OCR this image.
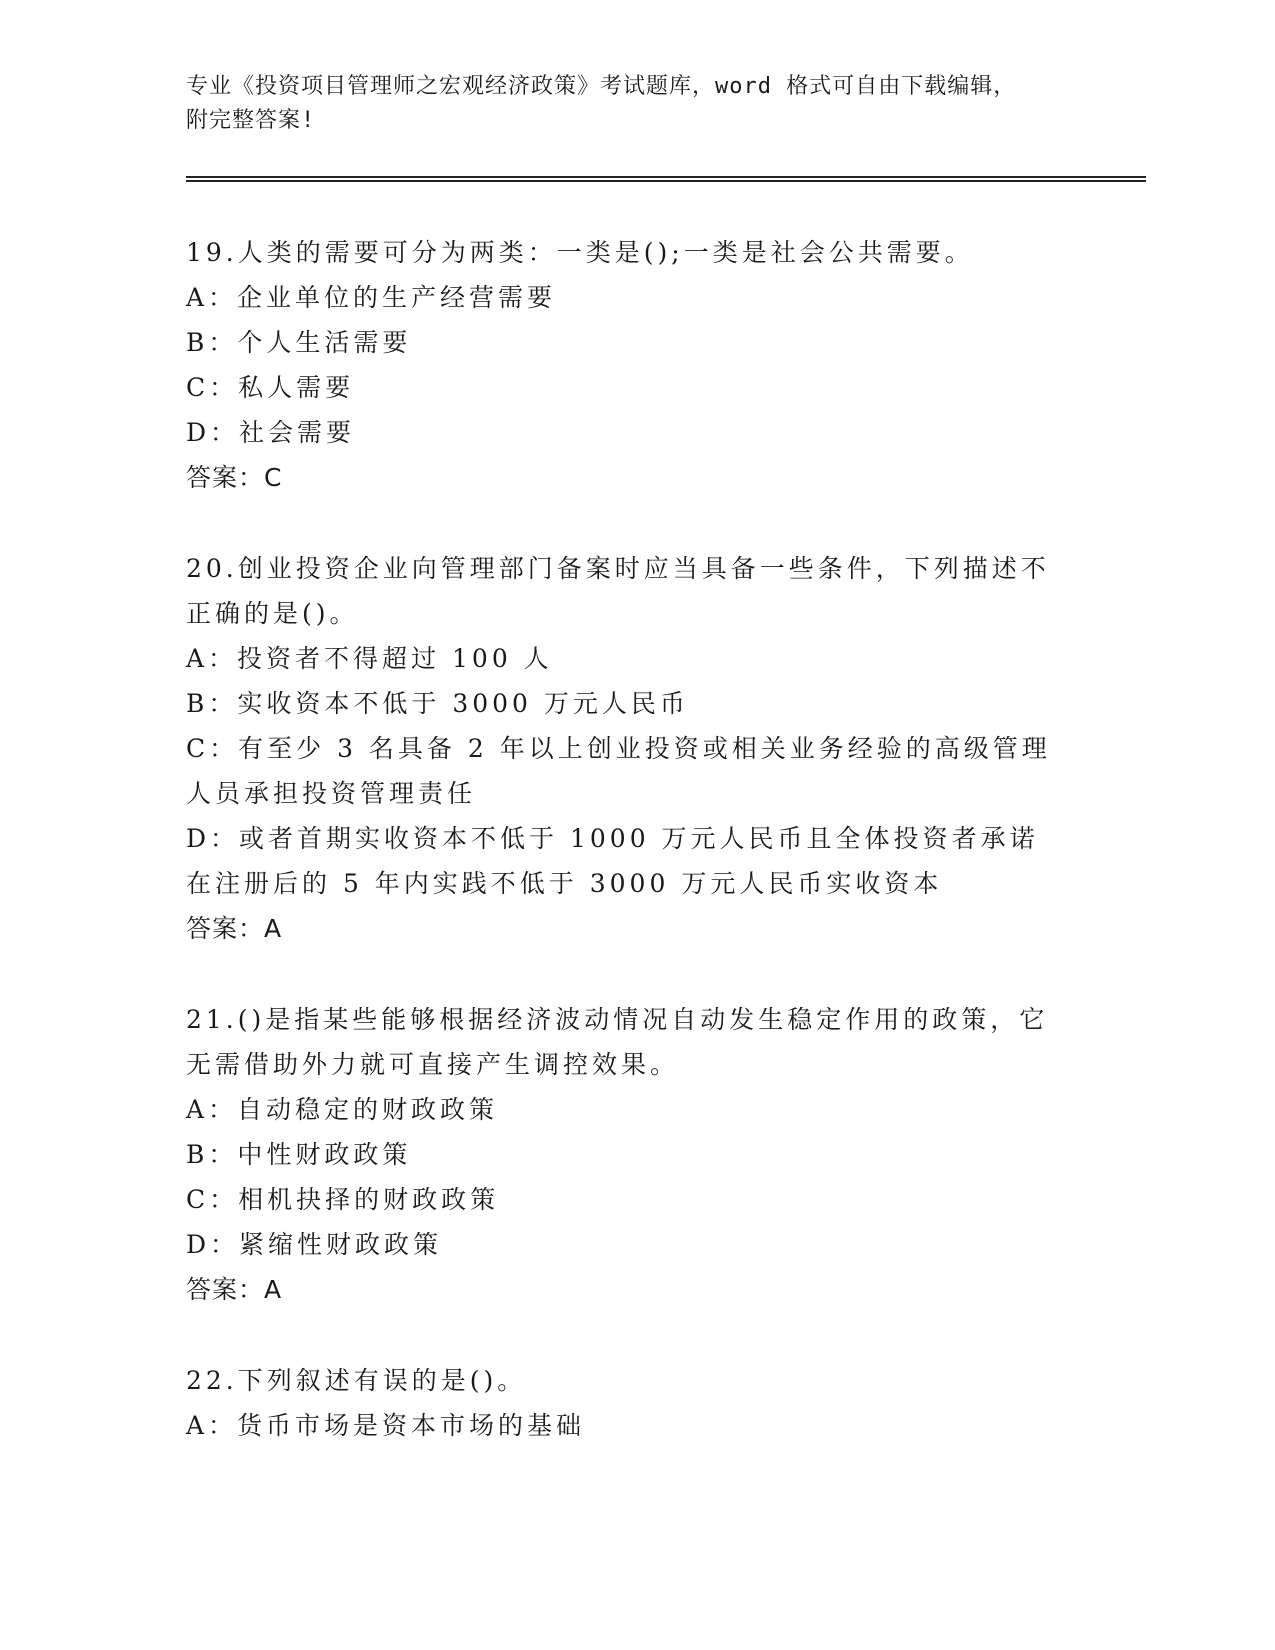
专业《投资项目管理师之宏观经济政策》考试题库，word 格式可自由下载编辑，
附完整答案!
19.人类的需要可分为两类：一类是();一类是社会公共需要。
A：企业单位的生产经营需要
B：个人生活需要
C：私人需要
D：社会需要
答案：C
20.创业投资企业向管理部门备案时应当具备一些条件，下列描述不正确的是()。
A：投资者不得超过 100 人
B：实收资本不低于 3000 万元人民币
C：有至少 3 名具备 2 年以上创业投资或相关业务经验的高级管理人员承担投资管理责任
D：或者首期实收资本不低于 1000 万元人民币且全体投资者承诺在注册后的 5 年内实践不低于 3000 万元人民币实收资本
答案：A
21.()是指某些能够根据经济波动情况自动发生稳定作用的政策，它无需借助外力就可直接产生调控效果。
A：自动稳定的财政政策
B：中性财政政策
C：相机抉择的财政政策
D：紧缩性财政政策
答案：A
22.下列叙述有误的是()。
A：货币市场是资本市场的基础
